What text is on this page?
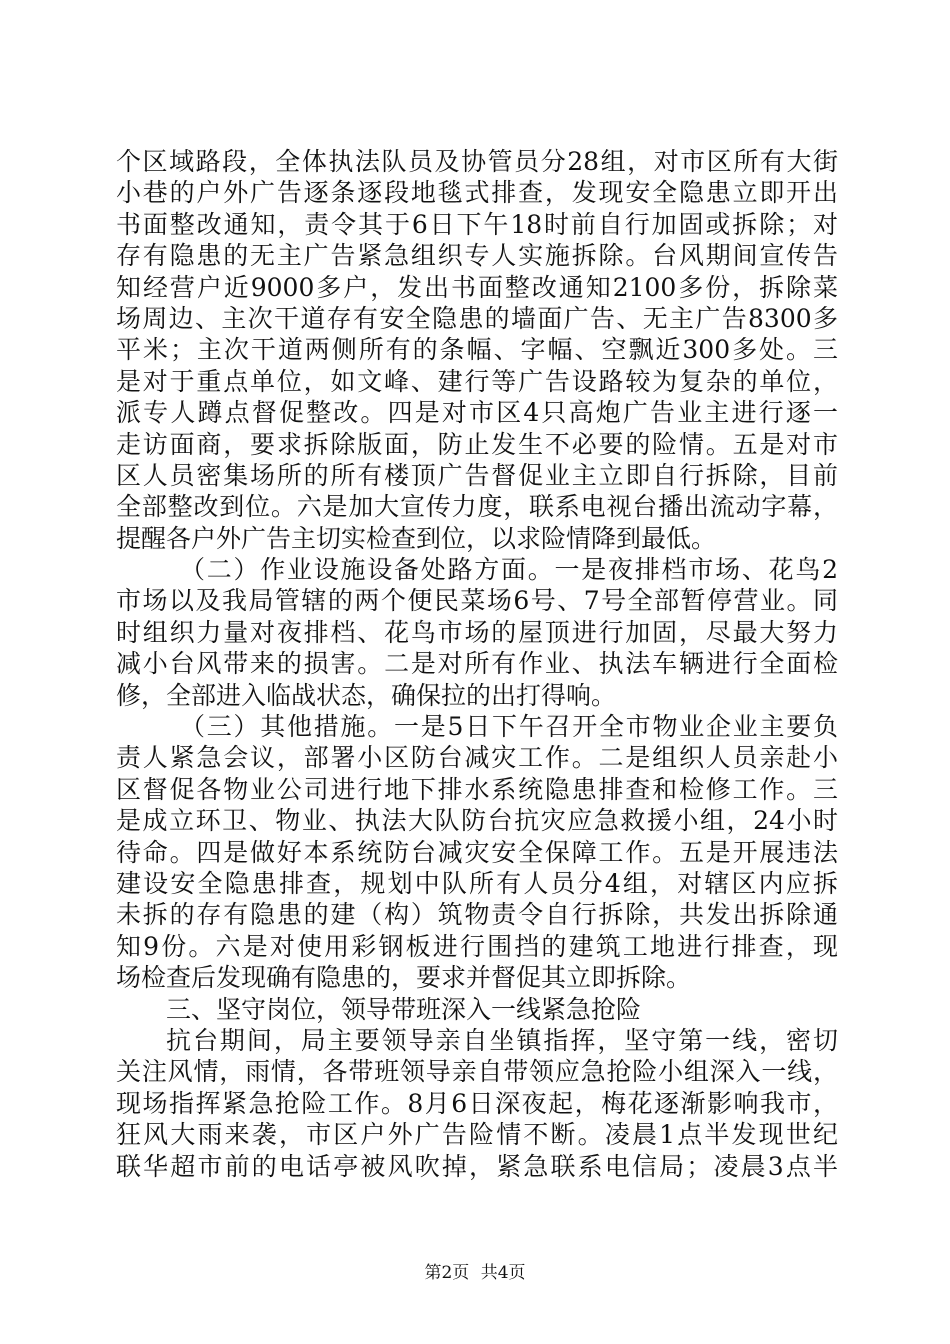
个区域路段，全体执法队员及协管员分28组，对市区所有大街
小巷的户外广告逐条逐段地毯式排查，发现安全隐患立即开出
书面整改通知，责令其于6日下午18时前自行加固或拆除；对
存有隐患的无主广告紧急组织专人实施拆除。台风期间宣传告
知经营户近9000多户，发出书面整改通知2100多份，拆除菜
场周边、主次干道存有安全隐患的墙面广告、无主广告8300多
平米；主次干道两侧所有的条幅、字幅、空飘近300多处。三
是对于重点单位，如文峰、建行等广告设路较为复杂的单位，
派专人蹲点督促整改。四是对市区4只高炮广告业主进行逐一
走访面商，要求拆除版面，防止发生不必要的险情。五是对市
区人员密集场所的所有楼顶广告督促业主立即自行拆除，目前
全部整改到位。六是加大宣传力度，联系电视台播出流动字幕，
提醒各户外广告主切实检查到位，以求险情降到最低。
（二）作业设施设备处路方面。一是夜排档市场、花鸟2
市场以及我局管辖的两个便民菜场6号、7号全部暂停营业。同
时组织力量对夜排档、花鸟市场的屋顶进行加固，尽最大努力
减小台风带来的损害。二是对所有作业、执法车辆进行全面检
修，全部进入临战状态，确保拉的出打得响。
（三）其他措施。一是5日下午召开全市物业企业主要负
责人紧急会议，部署小区防台减灾工作。二是组织人员亲赴小
区督促各物业公司进行地下排水系统隐患排查和检修工作。三
是成立环卫、物业、执法大队防台抗灾应急救援小组，24小时
待命。四是做好本系统防台减灾安全保障工作。五是开展违法
建设安全隐患排查，规划中队所有人员分4组，对辖区内应拆
未拆的存有隐患的建（构）筑物责令自行拆除，共发出拆除通
知9份。六是对使用彩钢板进行围挡的建筑工地进行排查，现
场检查后发现确有隐患的，要求并督促其立即拆除。
三、坚守岗位，领导带班深入一线紧急抢险
抗台期间，局主要领导亲自坐镇指挥，坚守第一线，密切
关注风情，雨情，各带班领导亲自带领应急抢险小组深入一线，
现场指挥紧急抢险工作。8月6日深夜起，梅花逐渐影响我市，
狂风大雨来袭，市区户外广告险情不断。凌晨1点半发现世纪
联华超市前的电话亭被风吹掉，紧急联系电信局；凌晨3点半
第2页 共4页
